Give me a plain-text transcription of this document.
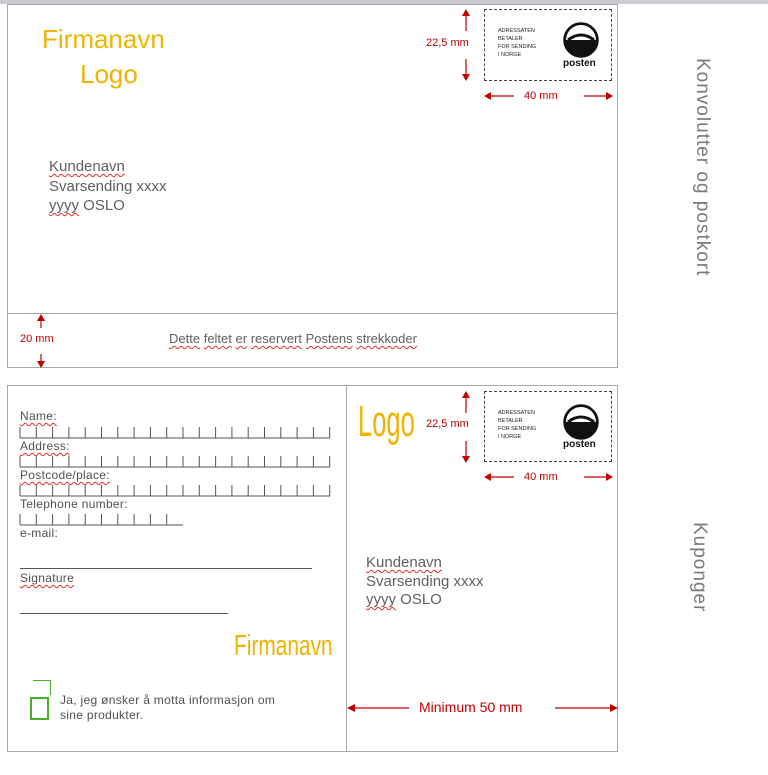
Firmanavn
Logo
Kundenavn
Svarsending xxxx
yyyy OSLO
ADRESSATEN
BETALER
FOR SENDING
I NORGE
posten
22,5 mm
40 mm
20 mm	Dette feltet er reservert Postens strekkoder
Konvolutter og postkort
Name:
Address:
Postcode/place:
Telephone number:
e-mail:
Signature
Firmanavn
Ja, jeg ønsker å motta informasjon om
sine produkter.
Logo	ADRESSATEN
BETALER
FOR SENDING
I NORGE
posten
22,5 mm
40 mm
Kundenavn
Svarsending xxxx
yyyy OSLO
Minimum 50 mm
Kuponger
